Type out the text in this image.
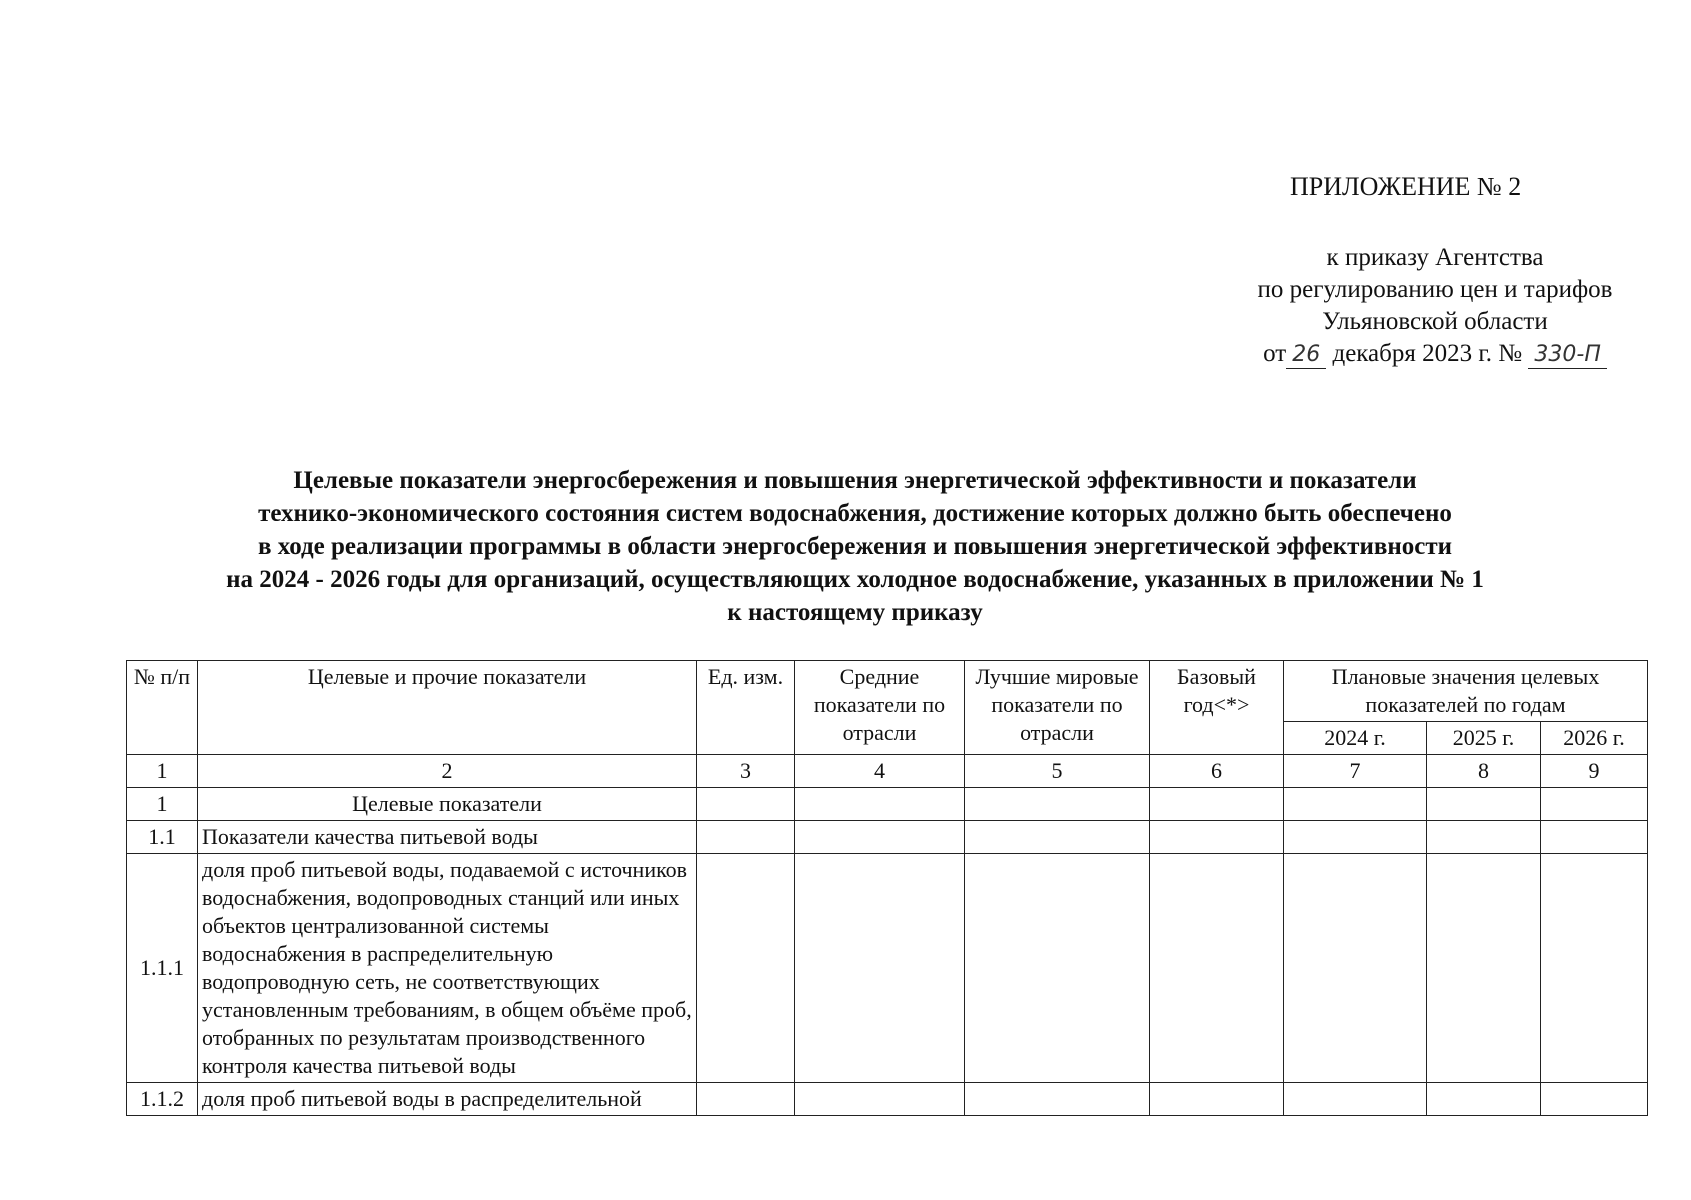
ПРИЛОЖЕНИЕ № 2
к приказу Агентства
по регулированию цен и тарифов
Ульяновской области
от 26 декабря 2023 г. № 330-П
Целевые показатели энергосбережения и повышения энергетической эффективности и показатели
технико-экономического состояния систем водоснабжения, достижение которых должно быть обеспечено
в ходе реализации программы в области энергосбережения и повышения энергетической эффективности
на 2024 - 2026 годы для организаций, осуществляющих холодное водоснабжение, указанных в приложении № 1
к настоящему приказу
№ п/п	Целевые и прочие показатели	Ед. изм.	Средние показатели по отрасли	Лучшие мировые показатели по отрасли	Базовый год<*>	Плановые значения целевых показателей по годам		
						2024 г.	2025 г.	2026 г.
1	2	3	4	5	6	7	8	9
1	Целевые показатели							
1.1	Показатели качества питьевой воды							
1.1.1	доля проб питьевой воды, подаваемой с источников водоснабжения, водопроводных станций или иных объектов централизованной системы водоснабжения в распределительную водопроводную сеть, не соответствующих установленным требованиям, в общем объёме проб, отобранных по результатам производственного контроля качества питьевой воды							
1.1.2	доля проб питьевой воды в распределительной							
